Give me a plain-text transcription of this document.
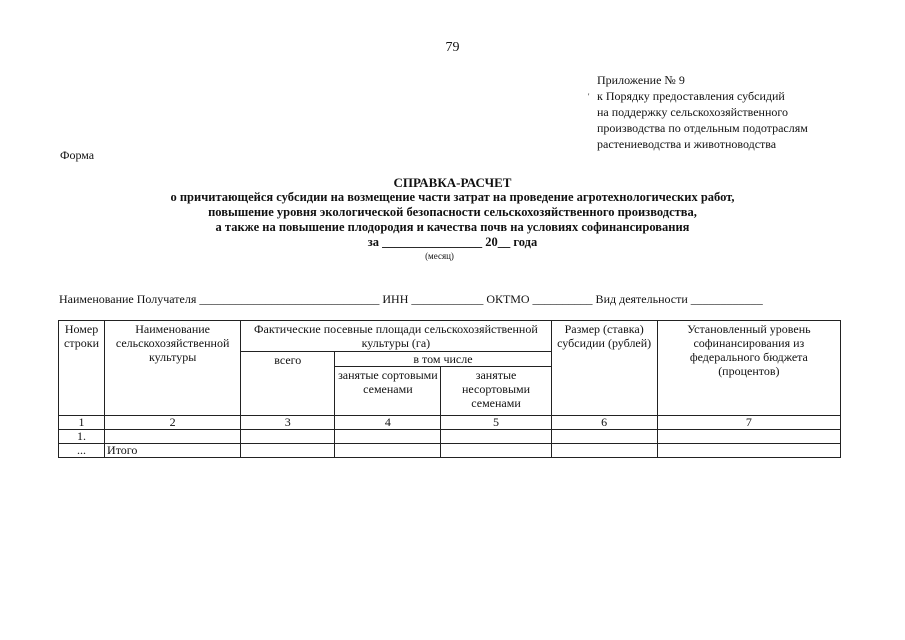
79
'
Приложение № 9
к Порядку предоставления субсидий
на поддержку сельскохозяйственного
производства по отдельным подотраслям
растениеводства и животноводства
Форма
СПРАВКА-РАСЧЕТ
о причитающейся субсидии на возмещение части затрат на проведение агротехнологических работ,
повышение уровня экологической безопасности сельскохозяйственного производства,
а также на повышение плодородия и качества почв на условиях софинансирования
за ________________ 20__ года
(месяц)
Наименование Получателя ______________________________ ИНН ____________ ОКТМО __________ Вид деятельности ____________
Номер строки	Наименование сельскохозяйственной культуры	Фактические посевные площади сельскохозяйственной культуры (га)			Размер (ставка) субсидии (рублей)	Установленный уровень софинансирования из федерального бюджета (процентов)
		всего	в том числе			
			занятые сортовыми семенами	занятые несортовыми семенами		
1	2	3	4	5	6	7
1.						
...	Итого					
